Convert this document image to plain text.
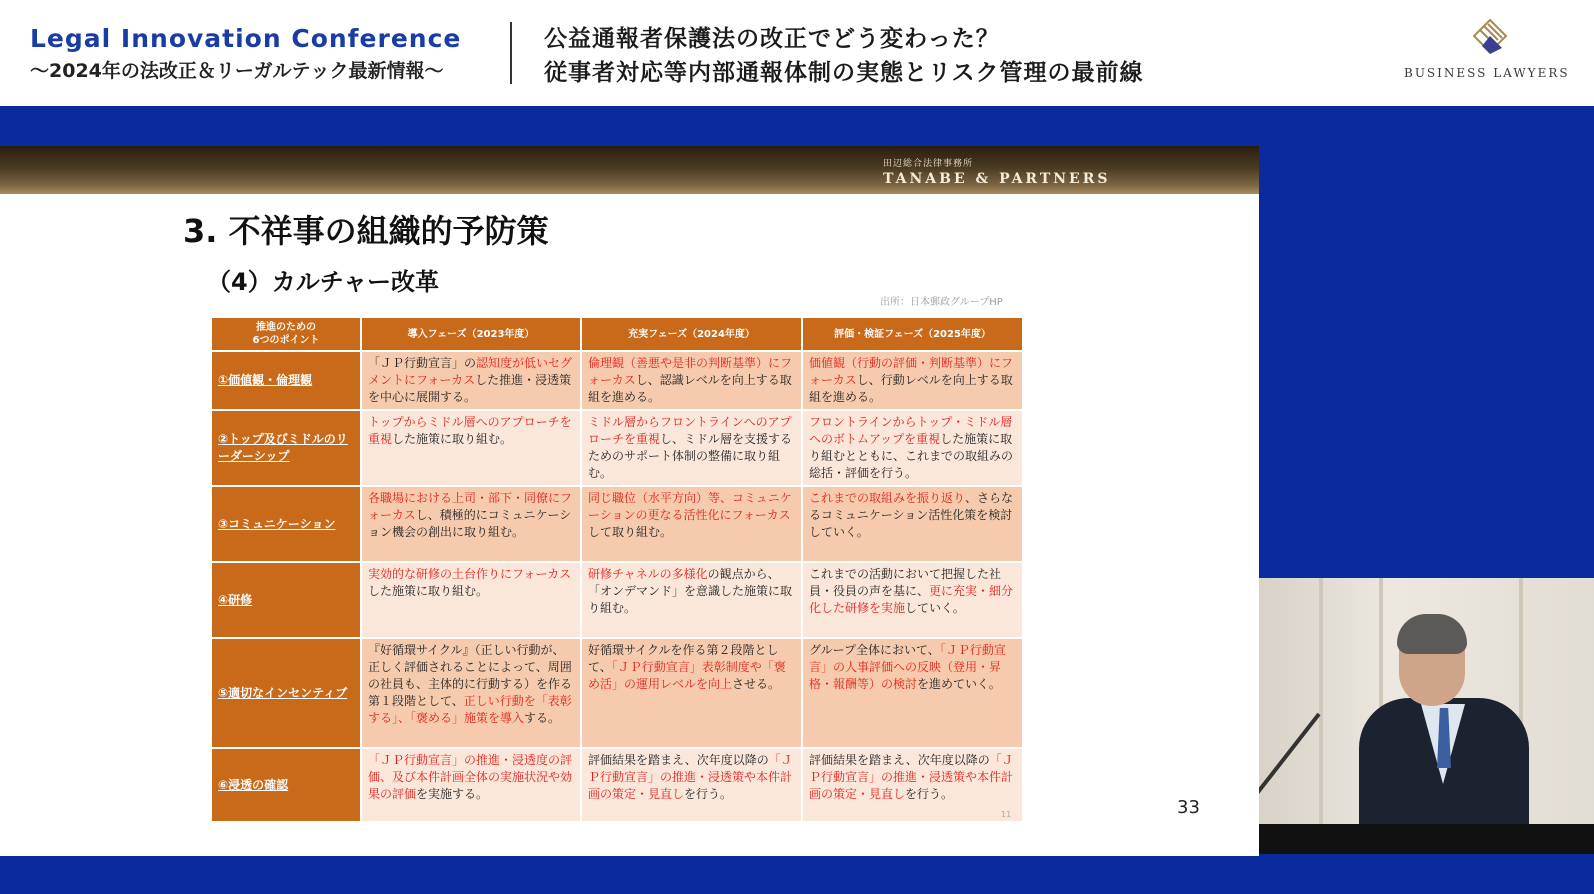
Legal Innovation Conference
～2024年の法改正＆リーガルテック最新情報～
公益通報者保護法の改正でどう変わった？
従事者対応等内部通報体制の実態とリスク管理の最前線	BUSINESS LAWYERS
田辺総合法律事務所
TANABE & PARTNERS
3. 不祥事の組織的予防策
（4）カルチャー改革
出所：日本郵政グループHP
推進のための
6つのポイント	導入フェーズ（2023年度）	充実フェーズ（2024年度）	評価・検証フェーズ（2025年度）
①価値観・倫理観	「ＪＰ行動宣言」の認知度が低いセグメントにフォーカスした推進・浸透策を中心に展開する。	倫理観（善悪や是非の判断基準）にフォーカスし、認識レベルを向上する取組を進める。	価値観（行動の評価・判断基準）にフォーカスし、行動レベルを向上する取組を進める。
②トップ及びミドルのリーダーシップ	トップからミドル層へのアプローチを重視した施策に取り組む。	ミドル層からフロントラインへのアプローチを重視し、ミドル層を支援するためのサポート体制の整備に取り組む。	フロントラインからトップ・ミドル層へのボトムアップを重視した施策に取り組むとともに、これまでの取組みの総括・評価を行う。
③コミュニケーション	各職場における上司・部下・同僚にフォーカスし、積極的にコミュニケーション機会の創出に取り組む。	同じ職位（水平方向）等、コミュニケーションの更なる活性化にフォーカスして取り組む。	これまでの取組みを振り返り、さらなるコミュニケーション活性化策を検討していく。
④研修	実効的な研修の土台作りにフォーカスした施策に取り組む。	研修チャネルの多様化の観点から、「オンデマンド」を意識した施策に取り組む。	これまでの活動において把握した社員・役員の声を基に、更に充実・細分化した研修を実施していく。
⑤適切なインセンティブ	『好循環サイクル』（正しい行動が、正しく評価されることによって、周囲の社員も、主体的に行動する）を作る第１段階として、正しい行動を「表彰する」、「褒める」施策を導入する。	好循環サイクルを作る第２段階として、「ＪＰ行動宣言」表彰制度や「褒め活」の運用レベルを向上させる。	グループ全体において、「ＪＰ行動宣言」の人事評価への反映（登用・昇格・報酬等）の検討を進めていく。
⑥浸透の確認	「ＪＰ行動宣言」の推進・浸透度の評価、及び本件計画全体の実施状況や効果の評価を実施する。	評価結果を踏まえ、次年度以降の「ＪＰ行動宣言」の推進・浸透策や本件計画の策定・見直しを行う。	評価結果を踏まえ、次年度以降の「ＪＰ行動宣言」の推進・浸透策や本件計画の策定・見直しを行う。
33
11
